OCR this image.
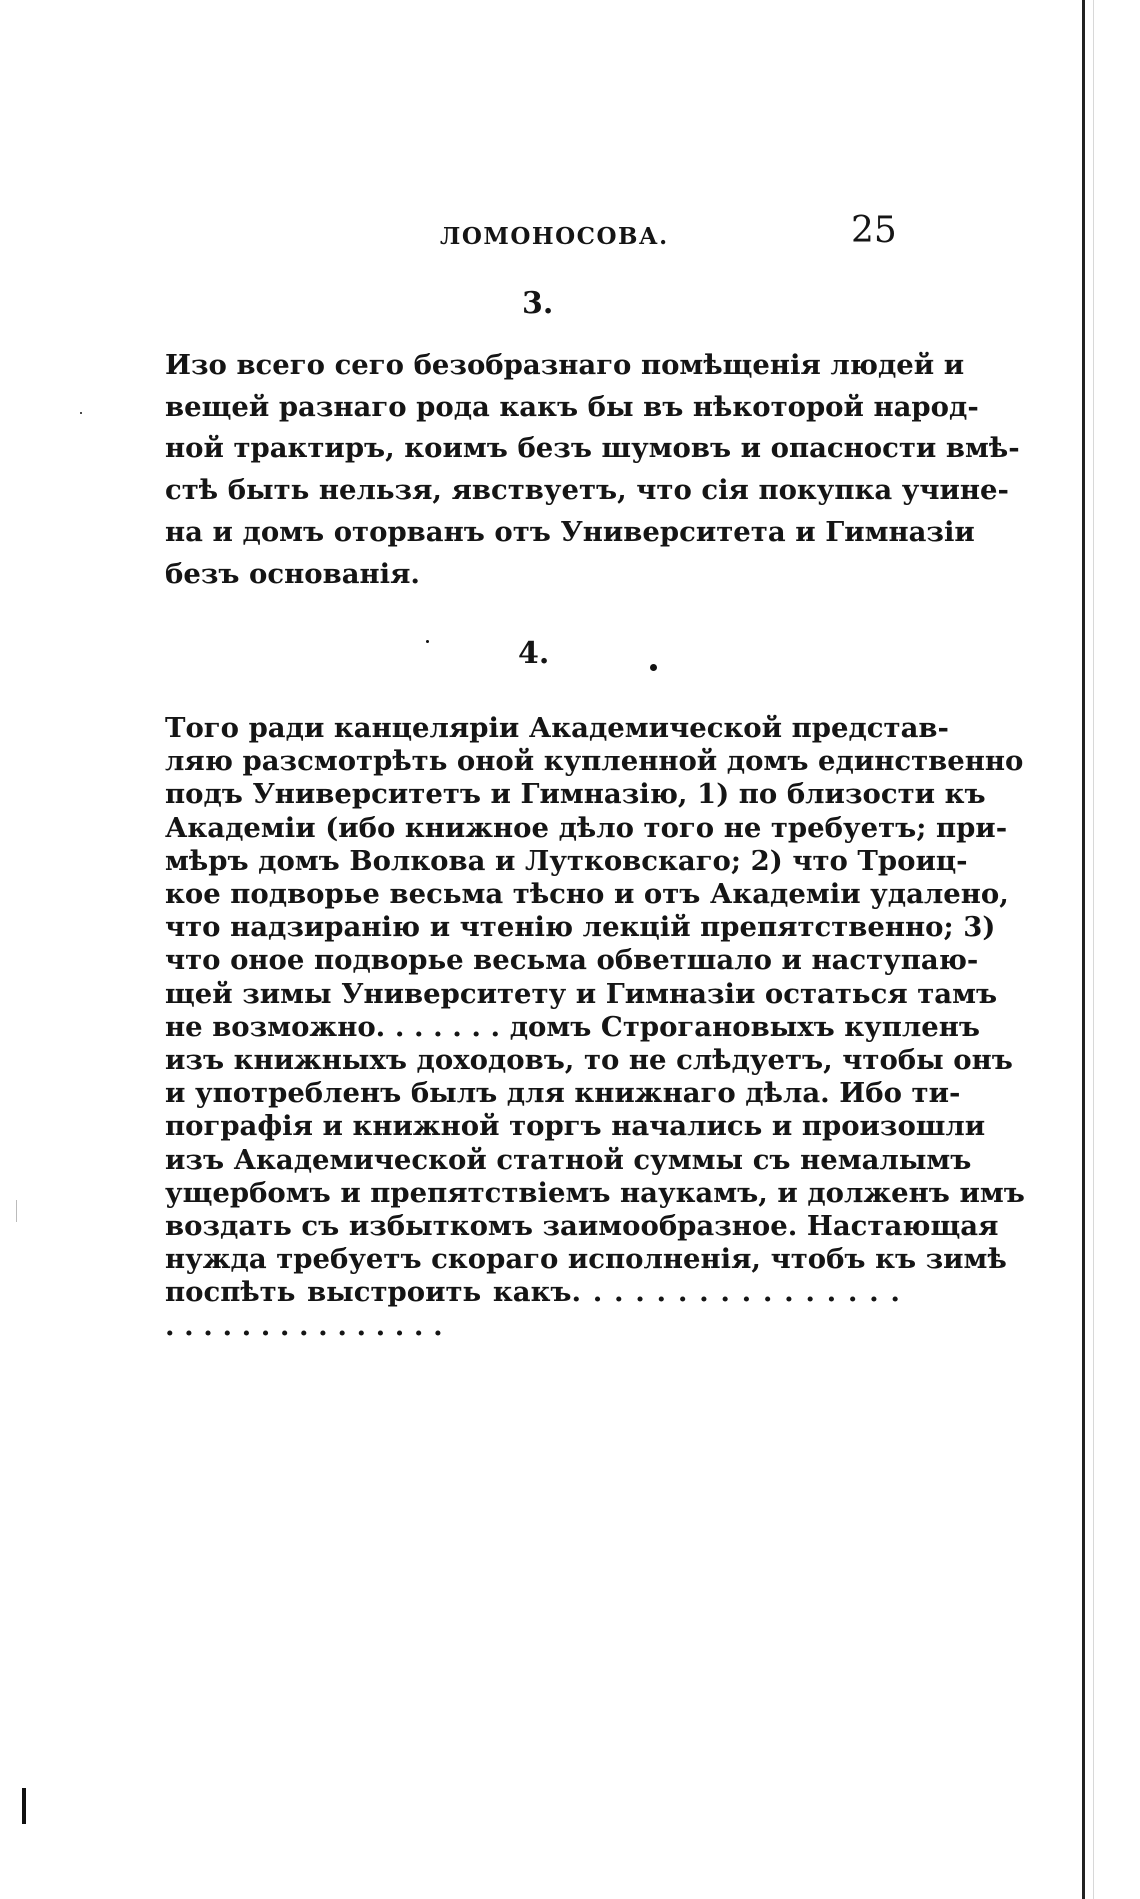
ЛОМОНОСОВА.	25
3.
Изо всего сего безобразнаго помѣщенія людей и
вещей разнаго рода какъ бы въ нѣкоторой народ-
ной трактиръ, коимъ безъ шумовъ и опасности вмѣ-
стѣ быть нельзя, явствуетъ, что сія покупка учине-
на и домъ оторванъ отъ Университета и Гимназіи
безъ основанія.
4.
Того ради канцеляріи Академической представ-
ляю разсмотрѣть оной купленной домъ единственно
подъ Университетъ и Гимназію, 1) по близости къ
Академіи (ибо книжное дѣло того не требуетъ; при-
мѣръ домъ Волкова и Лутковскаго; 2) что Троиц-
кое подворье весьма тѣсно и отъ Академіи удалено,
что надзиранію и чтенію лекцій препятственно; 3)
что оное подворье весьма обветшало и наступаю-
щей зимы Университету и Гимназіи остаться тамъ
не возможно. . . . . . . домъ Строгановыхъ купленъ
изъ книжныхъ доходовъ, то не слѣдуетъ, чтобы онъ
и употребленъ былъ для книжнаго дѣла. Ибо ти-
пографія и книжной торгъ начались и произошли
изъ Академической статной суммы съ немалымъ
ущербомъ и препятствіемъ наукамъ, и долженъ имъ
воздать съ избыткомъ заимообразное. Настающая
нужда требуетъ скораго исполненія, чтобъ къ зимѣ
поспѣть выстроить какъ. . . . . . . . . . . . . . . .
. . . . . . . . . . . . . . .
